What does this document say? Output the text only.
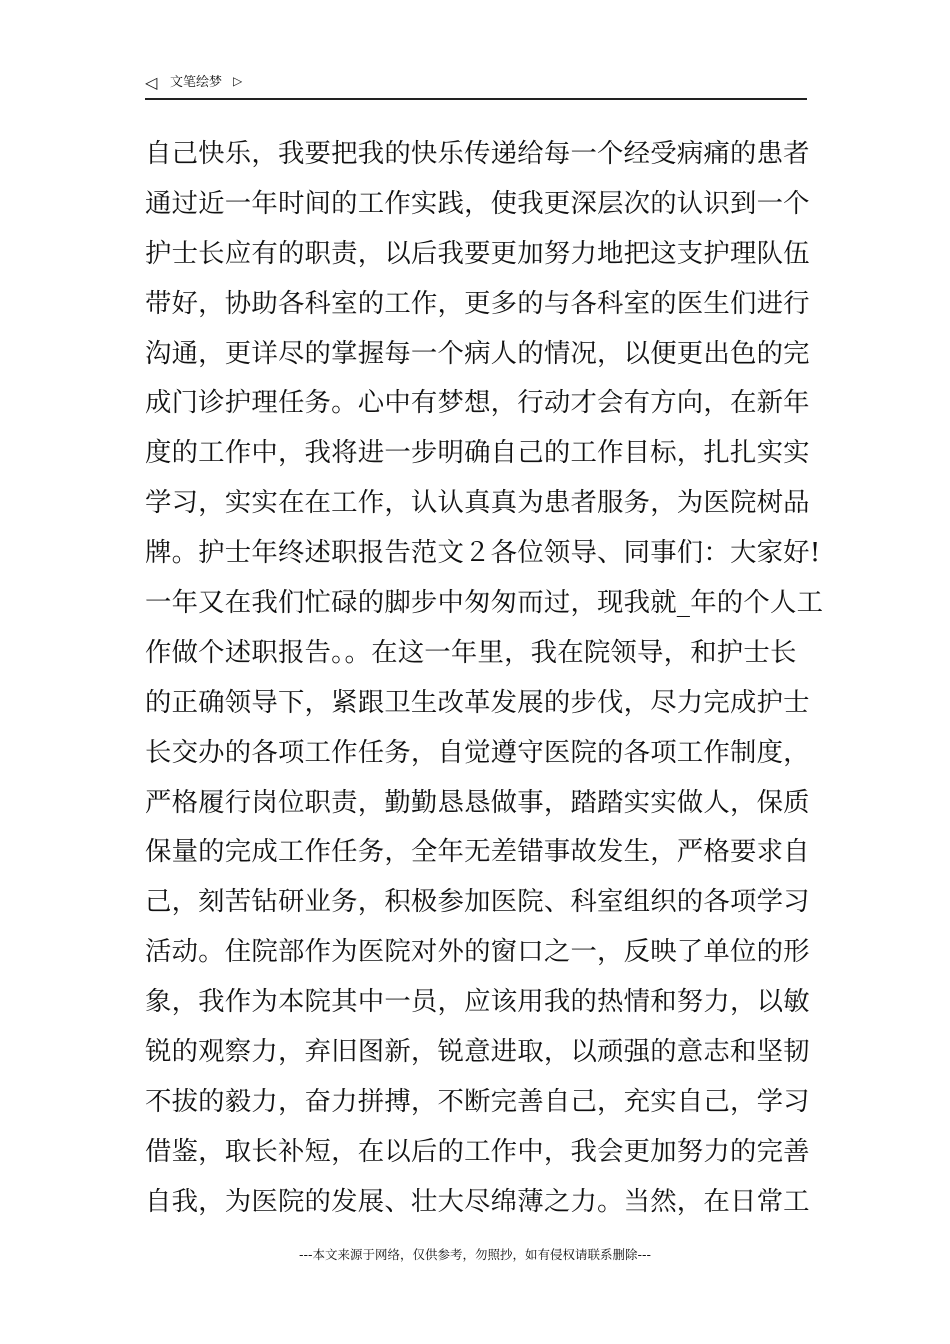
◁ 文笔绘梦 ▷
自己快乐，我要把我的快乐传递给每一个经受病痛的患者
通过近一年时间的工作实践，使我更深层次的认识到一个
护士长应有的职责，以后我要更加努力地把这支护理队伍
带好，协助各科室的工作，更多的与各科室的医生们进行
沟通，更详尽的掌握每一个病人的情况，以便更出色的完
成门诊护理任务。心中有梦想，行动才会有方向，在新年
度的工作中，我将进一步明确自己的工作目标，扎扎实实
学习，实实在在工作，认认真真为患者服务，为医院树品
牌。护士年终述职报告范文２各位领导、同事们：大家好!
一年又在我们忙碌的脚步中匆匆而过，现我就_年的个人工
作做个述职报告。。在这一年里，我在院领导，和护士长
的正确领导下，紧跟卫生改革发展的步伐，尽力完成护士
长交办的各项工作任务，自觉遵守医院的各项工作制度，
严格履行岗位职责，勤勤恳恳做事，踏踏实实做人，保质
保量的完成工作任务，全年无差错事故发生，严格要求自
己，刻苦钻研业务，积极参加医院、科室组织的各项学习
活动。住院部作为医院对外的窗口之一，反映了单位的形
象，我作为本院其中一员，应该用我的热情和努力，以敏
锐的观察力，弃旧图新，锐意进取，以顽强的意志和坚韧
不拔的毅力，奋力拼搏，不断完善自己，充实自己，学习
借鉴，取长补短，在以后的工作中，我会更加努力的完善
自我，为医院的发展、壮大尽绵薄之力。当然，在日常工
---本文来源于网络，仅供参考，勿照抄，如有侵权请联系删除---
